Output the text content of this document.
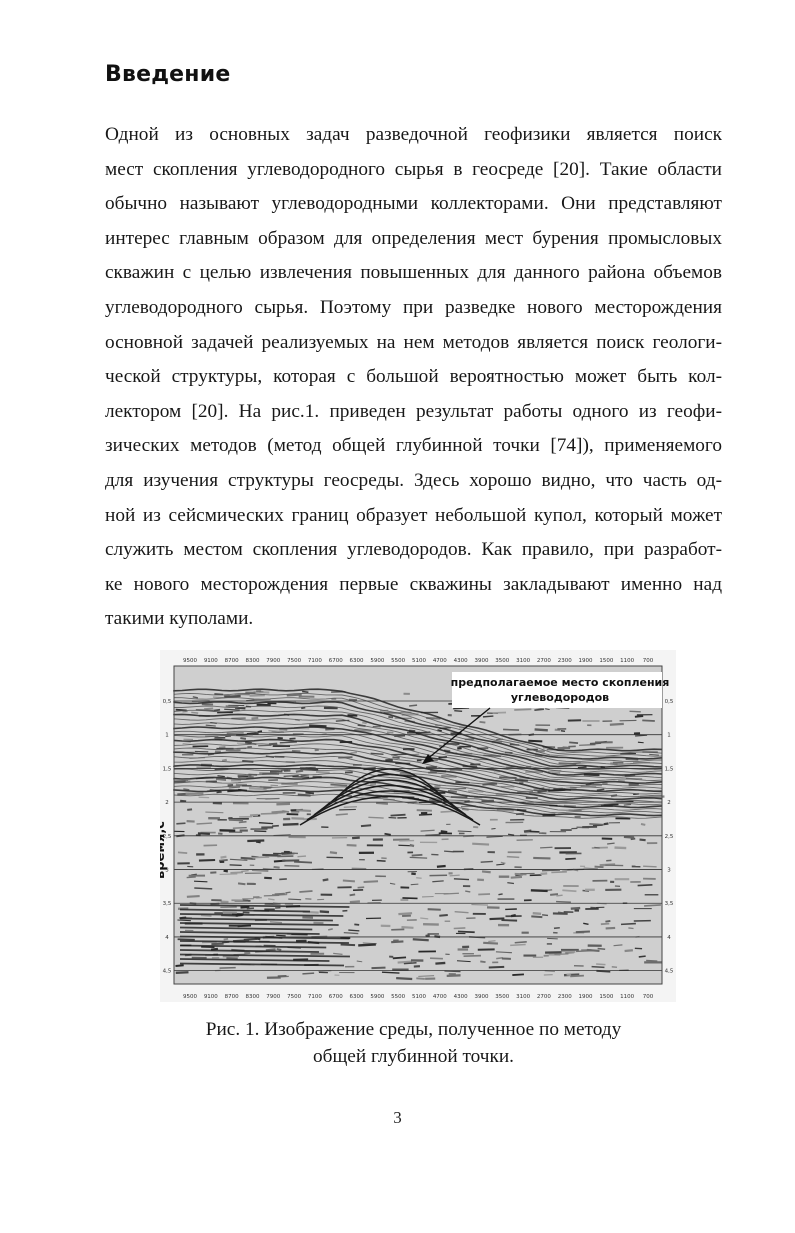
Введение
Одной из основных задач разведочной геофизики является поиск
мест скопления углеводородного сырья в геосреде [20]. Такие области
обычно называют углеводородными коллекторами. Они представляют
интерес главным образом для определения мест бурения промысловых
скважин с целью извлечения повышенных для данного района объемов
углеводородного сырья. Поэтому при разведке нового месторождения
основной задачей реализуемых на нем методов является поиск геологи-
ческой структуры, которая с большой вероятностью может быть кол-
лектором [20]. На рис.1. приведен результат работы одного из геофи-
зических методов (метод общей глубинной точки [74]), применяемого
для изучения структуры геосреды. Здесь хорошо видно, что часть од-
ной из сейсмических границ образует небольшой купол, который может
служить местом скопления углеводородов. Как правило, при разработ-
ке нового месторождения первые скважины закладывают именно над
такими куполами.
9500 9100 8700 8300 7900 7500 7100 6700 6300 5900 5500 5100 4700 4300 3900 3500 3100 2700 2300 1900 1500 1100 700
9500 9100 8700 8300 7900 7500 7100 6700 6300 5900 5500 5100 4700 4300 3900 3500 3100 2700 2300 1900 1500 1100 700
0,5
1
1,5
2
2,5
3
3,5
4
4,5
0,5
1
1,5
2
2,5
3
3,5
4
4,5
предполагаемое место скопления
углеводородов
время,с
Рис. 1. Изображение среды, полученное по методу
общей глубинной точки.
3
